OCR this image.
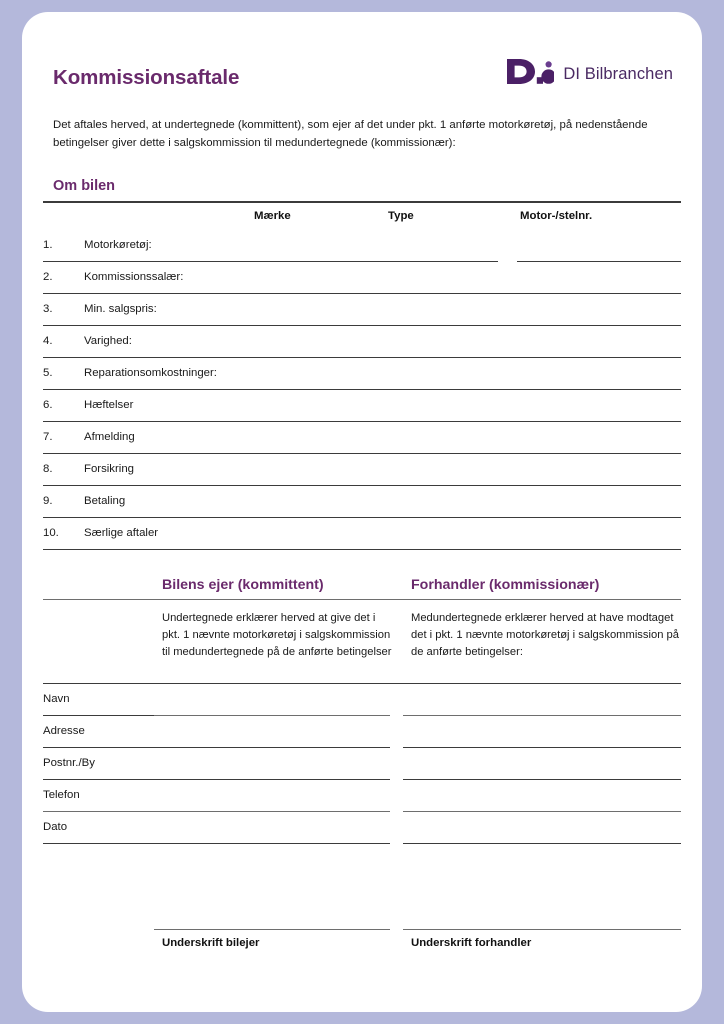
Kommissionsaftale	DI Bilbranchen
Det aftales herved, at undertegnede (kommittent), som ejer af det under pkt. 1 anførte motorkøretøj, på nedenstående betingelser giver dette i salgskommission til medundertegnede (kommissionær):
Om bilen
Mærke	Type	Motor-/stelnr.
1.	Motorkøretøj:
2.	Kommissionssalær:
3.	Min. salgspris:
4.	Varighed:
5.	Reparationsomkostninger:
6.	Hæftelser
7.	Afmelding
8.	Forsikring
9.	Betaling
10. Særlige aftaler
Bilens ejer (kommittent)	Forhandler (kommissionær)
Undertegnede erklærer herved at give det i pkt. 1 nævnte motorkøretøj i salgskommission til medundertegnede på de anførte betingelser
Medundertegnede erklærer herved at have modtaget det i pkt. 1 nævnte motorkøretøj i salgskommission på de anførte betingelser:
Navn
Adresse
Postnr./By
Telefon
Dato
Underskrift bilejer	Underskrift forhandler
